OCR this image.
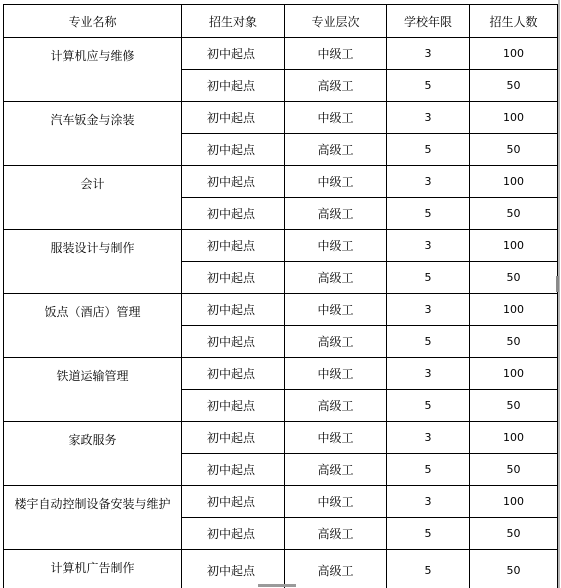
专业名称	招生对象	专业层次	学校年限	招生人数
计算机应与维修	初中起点	中级工	3	100
	初中起点	高级工	5	50
汽车钣金与涂装	初中起点	中级工	3	100
	初中起点	高级工	5	50
会计	初中起点	中级工	3	100
	初中起点	高级工	5	50
服装设计与制作	初中起点	中级工	3	100
	初中起点	高级工	5	50
饭点（酒店）管理	初中起点	中级工	3	100
	初中起点	高级工	5	50
铁道运输管理	初中起点	中级工	3	100
	初中起点	高级工	5	50
家政服务	初中起点	中级工	3	100
	初中起点	高级工	5	50
楼宇自动控制设备安装与维护	初中起点	中级工	3	100
	初中起点	高级工	5	50
计算机广告制作	初中起点	高级工	5	50
